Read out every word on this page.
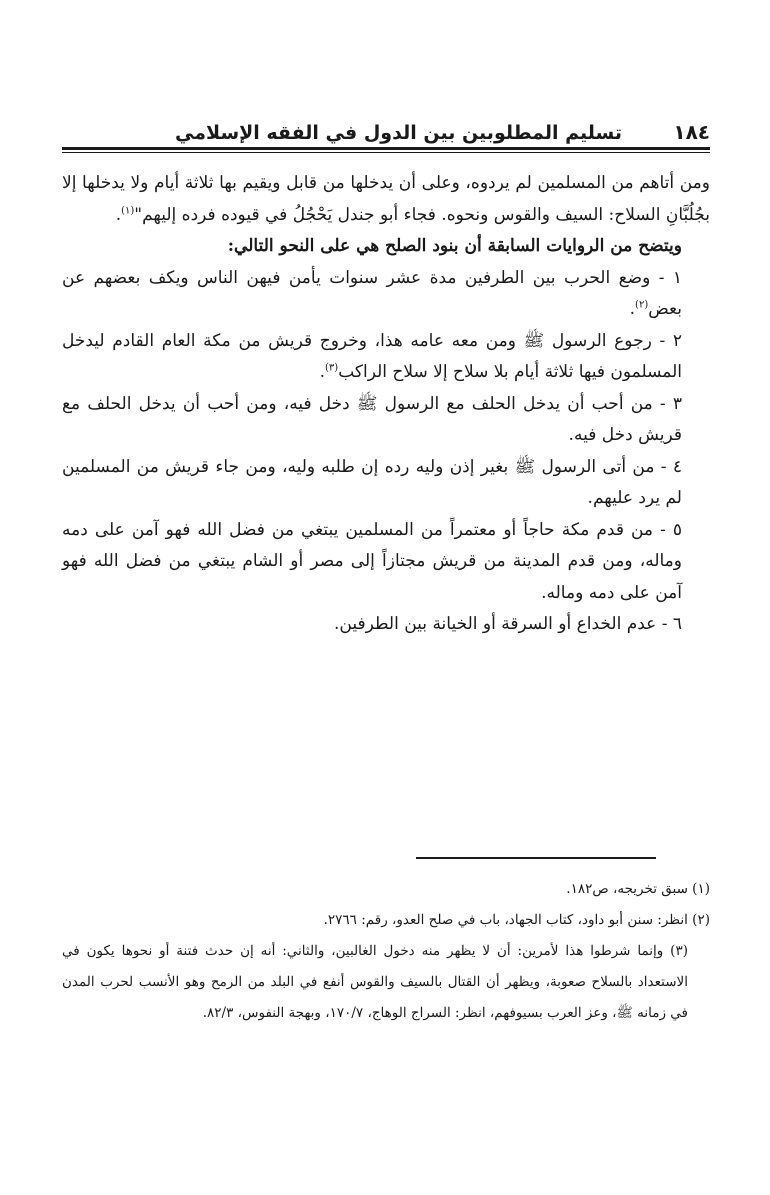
١٨٤
تسليم المطلوبين بين الدول في الفقه الإسلامي

ومن أتاهم من المسلمين لم يردوه، وعلى أن يدخلها من قابل ويقيم بها ثلاثة أيام ولا يدخلها إلا بجُلُبَّانِ السلاح: السيف والقوس ونحوه. فجاء أبو جندل يَحْجُلُ في قيوده فرده إليهم"$^{(١)}$.

ويتضح من الروايات السابقة أن بنود الصلح هي على النحو التالي:

١ - وضع الحرب بين الطرفين مدة عشر سنوات يأمن فيهن الناس ويكف بعضهم عن بعض$^{(٢)}$.

٢ - رجوع الرسول ﷺ ومن معه عامه هذا، وخروج قريش من مكة العام القادم ليدخل المسلمون فيها ثلاثة أيام بلا سلاح إلا سلاح الراكب$^{(٣)}$.

٣ - من أحب أن يدخل الحلف مع الرسول ﷺ دخل فيه، ومن أحب أن يدخل الحلف مع قريش دخل فيه.

٤ - من أتى الرسول ﷺ بغير إذن وليه رده إن طلبه وليه، ومن جاء قريش من المسلمين لم يرد عليهم.

٥ - من قدم مكة حاجاً أو معتمراً من المسلمين يبتغي من فضل الله فهو آمن على دمه وماله، ومن قدم المدينة من قريش مجتازاً إلى مصر أو الشام يبتغي من فضل الله فهو آمن على دمه وماله.

٦ - عدم الخداع أو السرقة أو الخيانة بين الطرفين.

(١) سبق تخريجه، ص١٨٢.

(٢) انظر: سنن أبو داود، كتاب الجهاد، باب في صلح العدو، رقم: ٢٧٦٦.

(٣) وإنما شرطوا هذا لأمرين: أن لا يظهر منه دخول الغالبين، والثاني: أنه إن حدث فتنة أو نحوها يكون في الاستعداد بالسلاح صعوبة، ويظهر أن القتال بالسيف والقوس أنفع في البلد من الرمح وهو الأنسب لحرب المدن في زمانه ﷺ، وعز العرب بسيوفهم، انظر: السراج الوهاج، ١٧٠/٧، وبهجة النفوس، ٨٢/٣.
